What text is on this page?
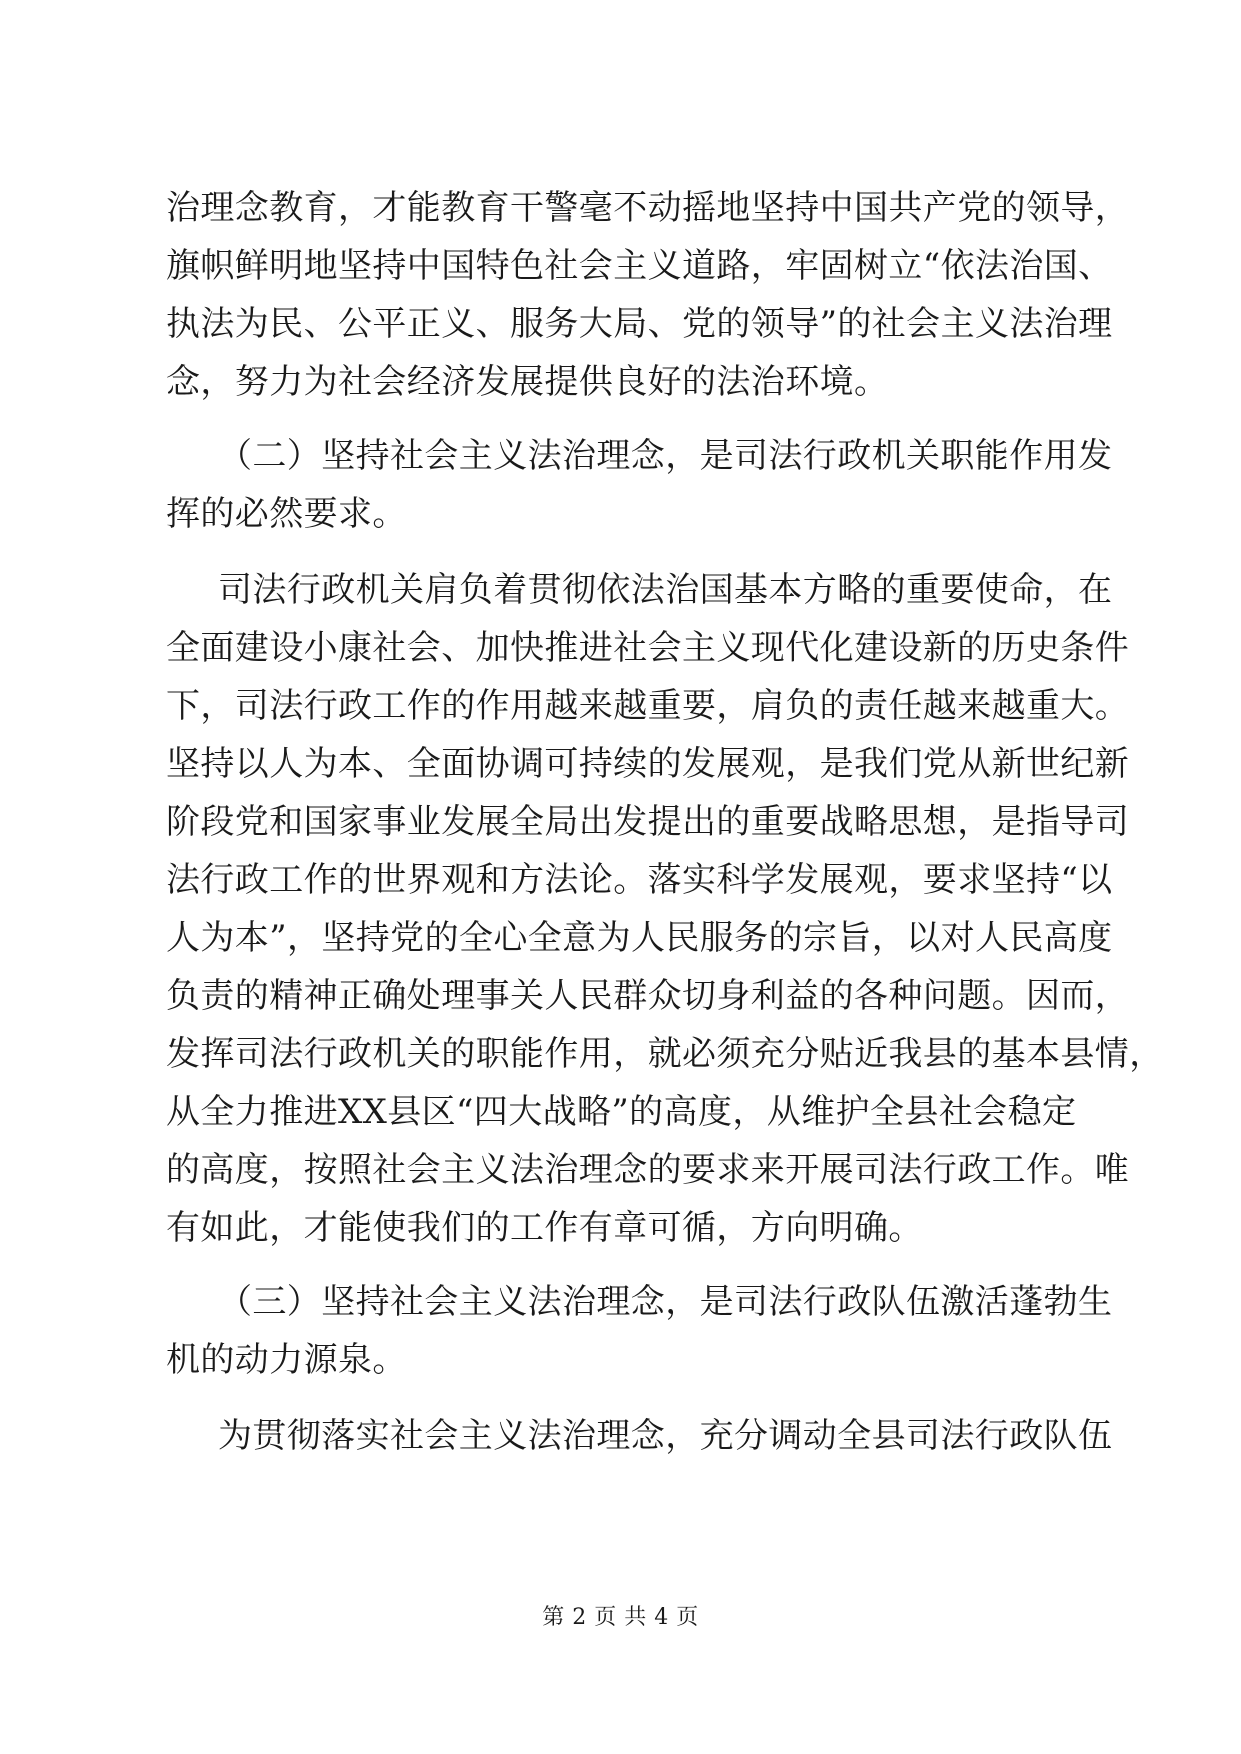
治理念教育，才能教育干警毫不动摇地坚持中国共产党的领导，
旗帜鲜明地坚持中国特色社会主义道路，牢固树立“依法治国、
执法为民、公平正义、服务大局、党的领导”的社会主义法治理
念，努力为社会经济发展提供良好的法治环境。
（二）坚持社会主义法治理念，是司法行政机关职能作用发
挥的必然要求。
司法行政机关肩负着贯彻依法治国基本方略的重要使命，在
全面建设小康社会、加快推进社会主义现代化建设新的历史条件
下，司法行政工作的作用越来越重要，肩负的责任越来越重大。
坚持以人为本、全面协调可持续的发展观，是我们党从新世纪新
阶段党和国家事业发展全局出发提出的重要战略思想，是指导司
法行政工作的世界观和方法论。落实科学发展观，要求坚持“以
人为本”，坚持党的全心全意为人民服务的宗旨，以对人民高度
负责的精神正确处理事关人民群众切身利益的各种问题。因而，
发挥司法行政机关的职能作用，就必须充分贴近我县的基本县情，
从全力推进XX县区“四大战略”的高度，从维护全县社会稳定
的高度，按照社会主义法治理念的要求来开展司法行政工作。唯
有如此，才能使我们的工作有章可循，方向明确。
（三）坚持社会主义法治理念，是司法行政队伍激活蓬勃生
机的动力源泉。
为贯彻落实社会主义法治理念，充分调动全县司法行政队伍
第 2 页 共 4 页
